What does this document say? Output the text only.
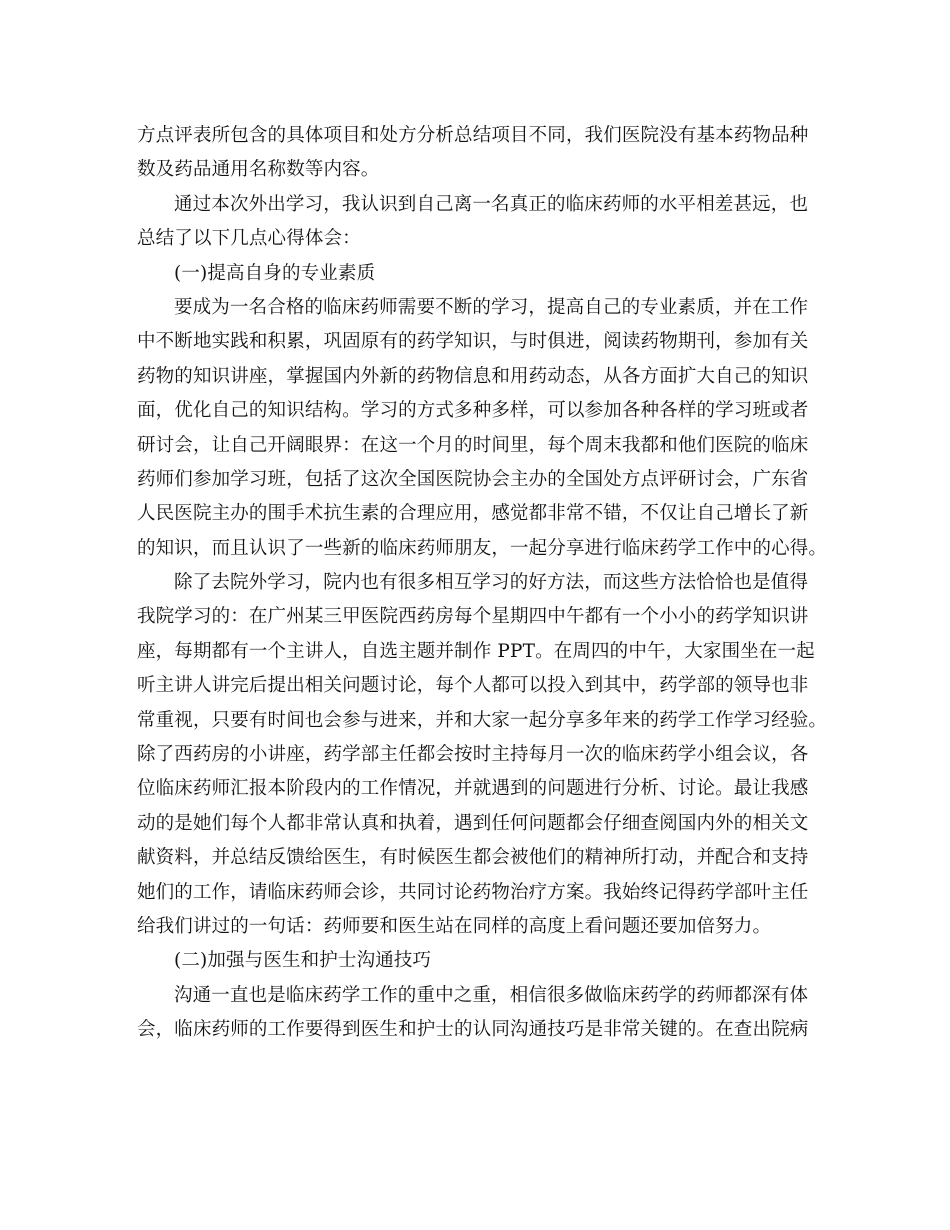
方点评表所包含的具体项目和处方分析总结项目不同，我们医院没有基本药物品种
数及药品通用名称数等内容。
通过本次外出学习，我认识到自己离一名真正的临床药师的水平相差甚远，也
总结了以下几点心得体会：
(一)提高自身的专业素质
要成为一名合格的临床药师需要不断的学习，提高自己的专业素质，并在工作
中不断地实践和积累，巩固原有的药学知识，与时俱进，阅读药物期刊，参加有关
药物的知识讲座，掌握国内外新的药物信息和用药动态，从各方面扩大自己的知识
面，优化自己的知识结构。学习的方式多种多样，可以参加各种各样的学习班或者
研讨会，让自己开阔眼界：在这一个月的时间里，每个周末我都和他们医院的临床
药师们参加学习班，包括了这次全国医院协会主办的全国处方点评研讨会，广东省
人民医院主办的围手术抗生素的合理应用，感觉都非常不错，不仅让自己增长了新
的知识，而且认识了一些新的临床药师朋友，一起分享进行临床药学工作中的心得。
除了去院外学习，院内也有很多相互学习的好方法，而这些方法恰恰也是值得
我院学习的：在广州某三甲医院西药房每个星期四中午都有一个小小的药学知识讲
座，每期都有一个主讲人，自选主题并制作 PPT。在周四的中午，大家围坐在一起
听主讲人讲完后提出相关问题讨论，每个人都可以投入到其中，药学部的领导也非
常重视，只要有时间也会参与进来，并和大家一起分享多年来的药学工作学习经验。
除了西药房的小讲座，药学部主任都会按时主持每月一次的临床药学小组会议，各
位临床药师汇报本阶段内的工作情况，并就遇到的问题进行分析、讨论。最让我感
动的是她们每个人都非常认真和执着，遇到任何问题都会仔细查阅国内外的相关文
献资料，并总结反馈给医生，有时候医生都会被他们的精神所打动，并配合和支持
她们的工作，请临床药师会诊，共同讨论药物治疗方案。我始终记得药学部叶主任
给我们讲过的一句话：药师要和医生站在同样的高度上看问题还要加倍努力。
(二)加强与医生和护士沟通技巧
沟通一直也是临床药学工作的重中之重，相信很多做临床药学的药师都深有体
会，临床药师的工作要得到医生和护士的认同沟通技巧是非常关键的。在查出院病
